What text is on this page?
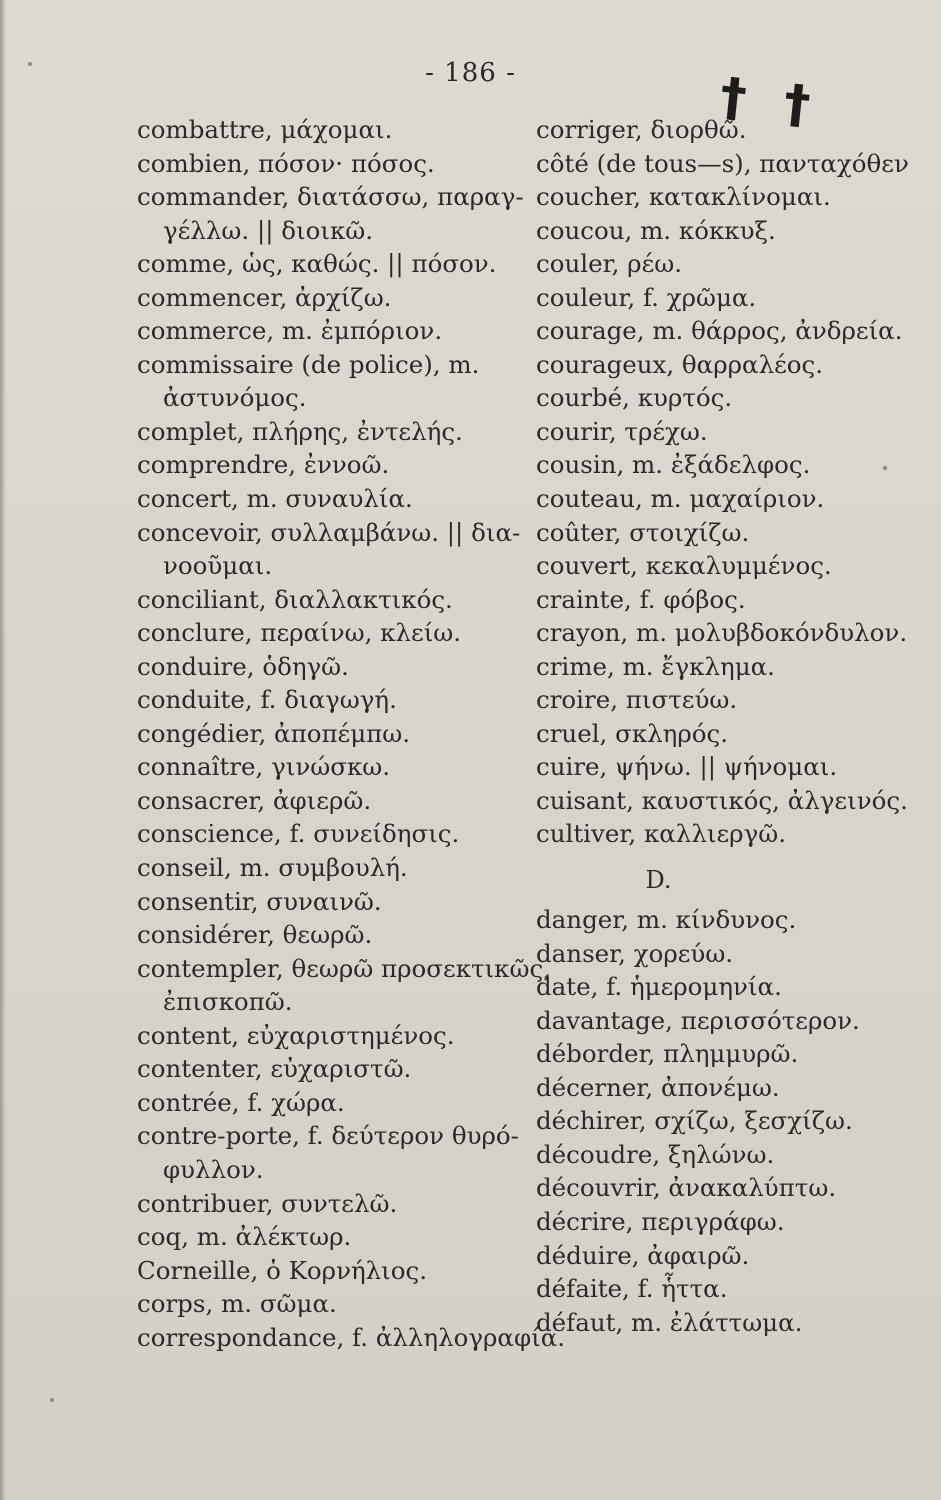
- 186 -	† †
combattre, μάχομαι.
combien, πόσον· πόσος.
commander, διατάσσω, παραγ-
γέλλω. || διοικῶ.
comme, ὡς, καθώς. || πόσον.
commencer, ἀρχίζω.
commerce, m. ἐμπόριον.
commissaire (de police), m.
ἀστυνόμος.
complet, πλήρης, ἐντελής.
comprendre, ἐννοῶ.
concert, m. συναυλία.
concevoir, συλλαμβάνω. || δια-
νοοῦμαι.
conciliant, διαλλακτικός.
conclure, περαίνω, κλείω.
conduire, ὁδηγῶ.
conduite, f. διαγωγή.
congédier, ἀποπέμπω.
connaître, γινώσκω.
consacrer, ἀφιερῶ.
conscience, f. συνείδησις.
conseil, m. συμβουλή.
consentir, συναινῶ.
considérer, θεωρῶ.
contempler, θεωρῶ προσεκτικῶς,
ἐπισκοπῶ.
content, εὐχαριστημένος.
contenter, εὐχαριστῶ.
contrée, f. χώρα.
contre-porte, f. δεύτερον θυρό-
φυλλον.
contribuer, συντελῶ.
coq, m. ἀλέκτωρ.
Corneille, ὁ Κορνήλιος.
corps, m. σῶμα.
correspondance, f. ἀλληλογραφία.
corriger, διορθῶ.
côté (de tous—s), πανταχόθεν
coucher, κατακλίνομαι.
coucou, m. κόκκυξ.
couler, ρέω.
couleur, f. χρῶμα.
courage, m. θάρρος, ἀνδρεία.
courageux, θαρραλέος.
courbé, κυρτός.
courir, τρέχω.
cousin, m. ἐξάδελφος.
couteau, m. μαχαίριον.
coûter, στοιχίζω.
couvert, κεκαλυμμένος.
crainte, f. φόβος.
crayon, m. μολυβδοκόνδυλον.
crime, m. ἔγκλημα.
croire, πιστεύω.
cruel, σκληρός.
cuire, ψήνω. || ψήνομαι.
cuisant, καυστικός, ἀλγεινός.
cultiver, καλλιεργῶ.
D.
danger, m. κίνδυνος.
danser, χορεύω.
date, f. ἡμερομηνία.
davantage, περισσότερον.
déborder, πλημμυρῶ.
décerner, ἀπονέμω.
déchirer, σχίζω, ξεσχίζω.
découdre, ξηλώνω.
découvrir, ἀνακαλύπτω.
décrire, περιγράφω.
déduire, ἀφαιρῶ.
défaite, f. ἧττα.
défaut, m. ἐλάττωμα.
